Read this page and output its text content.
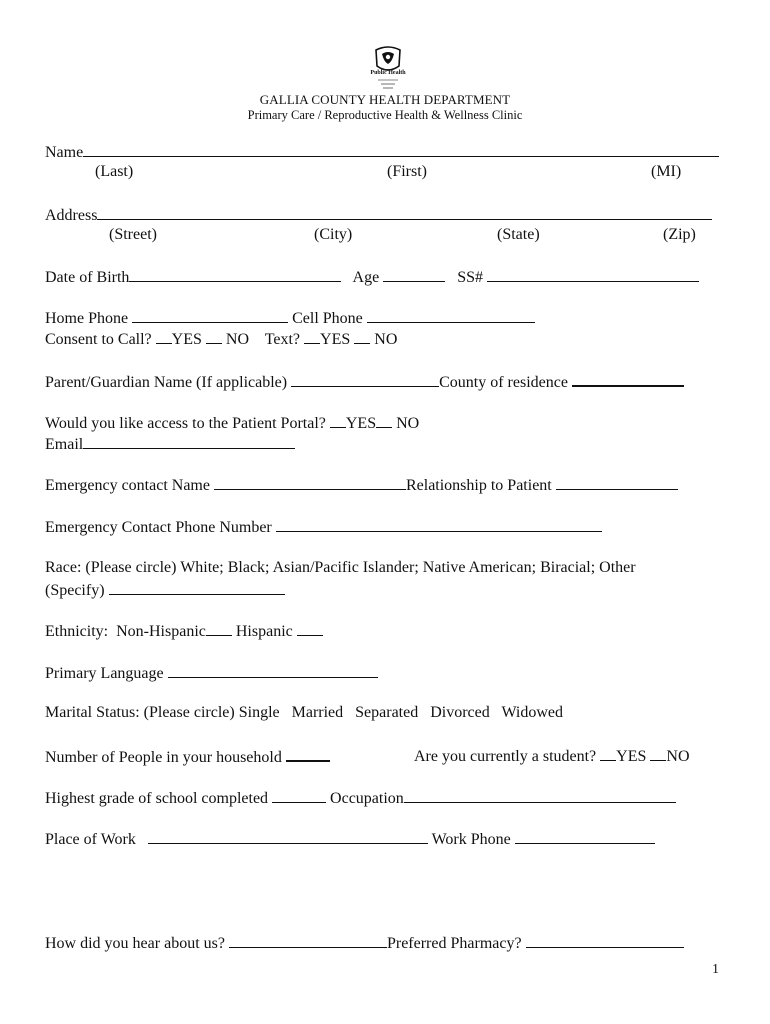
Public Health
GALLIA COUNTY HEALTH DEPARTMENT
Primary Care / Reproductive Health & Wellness Clinic
Name
(Last)	(First)	(MI)
Address
(Street)	(City)	(State)	(Zip)
Date of Birth	Age	SS#
Home Phone	Cell Phone
Consent to Call? YES NO Text? YES NO
Parent/Guardian Name (If applicable)	County of residence
Would you like access to the Patient Portal? YES NO
Email
Emergency contact Name	Relationship to Patient
Emergency Contact Phone Number
Race: (Please circle) White; Black; Asian/Pacific Islander; Native American; Biracial; Other
(Specify)
Ethnicity: Non-Hispanic Hispanic
Primary Language
Marital Status: (Please circle) Single Married Separated Divorced Widowed
Number of People in your household	Are you currently a student? YES NO
Highest grade of school completed	Occupation
Place of Work	Work Phone
How did you hear about us?	Preferred Pharmacy?
1
